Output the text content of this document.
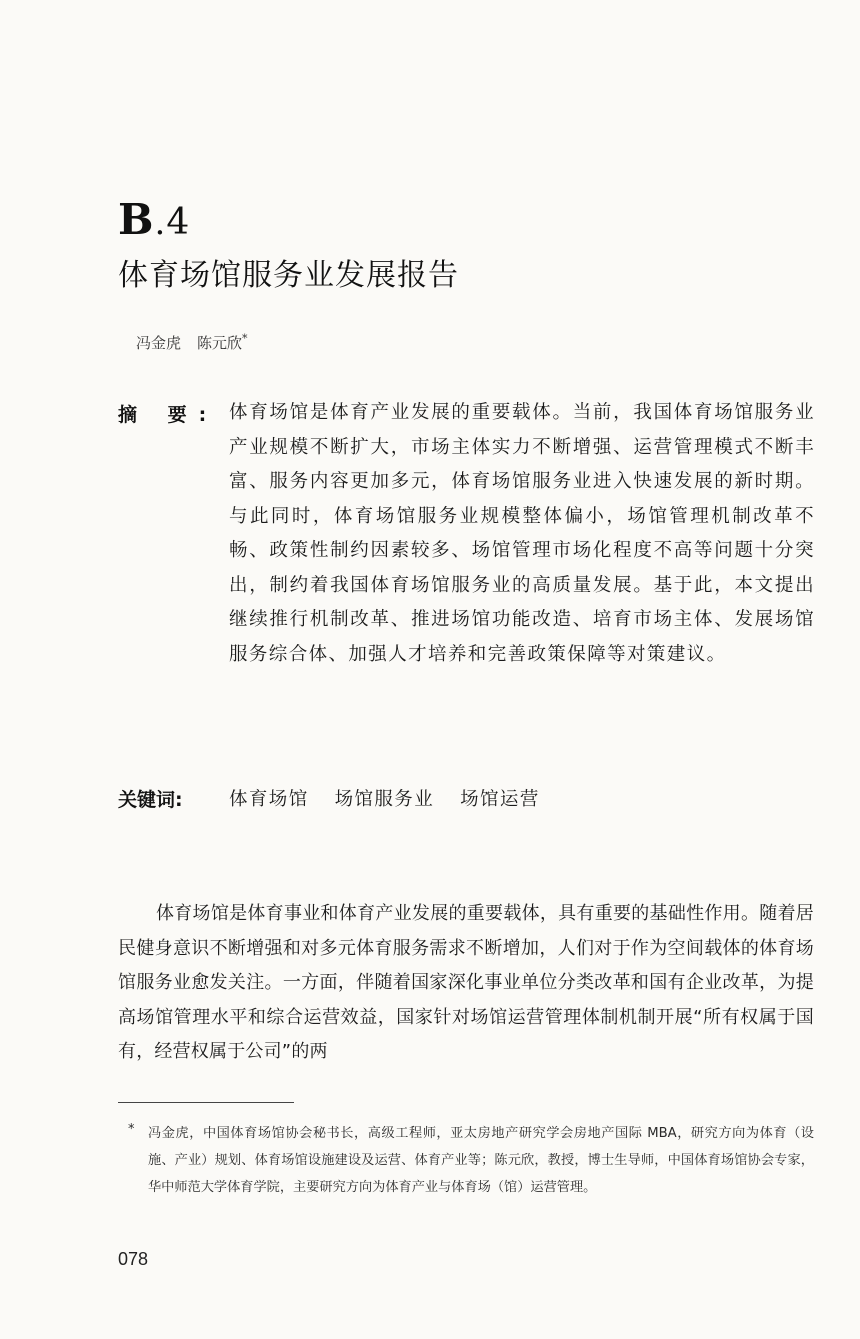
B.4
体育场馆服务业发展报告
冯金虎 陈元欣*
摘 要: 体育场馆是体育产业发展的重要载体。当前，我国体育场馆服务业产业规模不断扩大，市场主体实力不断增强、运营管理模式不断丰富、服务内容更加多元，体育场馆服务业进入快速发展的新时期。与此同时，体育场馆服务业规模整体偏小，场馆管理机制改革不畅、政策性制约因素较多、场馆管理市场化程度不高等问题十分突出，制约着我国体育场馆服务业的高质量发展。基于此，本文提出继续推行机制改革、推进场馆功能改造、培育市场主体、发展场馆服务综合体、加强人才培养和完善政策保障等对策建议。

关键词:	体育场馆 场馆服务业 场馆运营

体育场馆是体育事业和体育产业发展的重要载体，具有重要的基础性作用。随着居民健身意识不断增强和对多元体育服务需求不断增加，人们对于作为空间载体的体育场馆服务业愈发关注。一方面，伴随着国家深化事业单位分类改革和国有企业改革，为提高场馆管理水平和综合运营效益，国家针对场馆运营管理体制机制开展“所有权属于国有，经营权属于公司”的两

* 冯金虎，中国体育场馆协会秘书长，高级工程师，亚太房地产研究学会房地产国际 MBA，研究方向为体育（设施、产业）规划、体育场馆设施建设及运营、体育产业等；陈元欣，教授，博士生导师，中国体育场馆协会专家，华中师范大学体育学院，主要研究方向为体育产业与体育场（馆）运营管理。

078
